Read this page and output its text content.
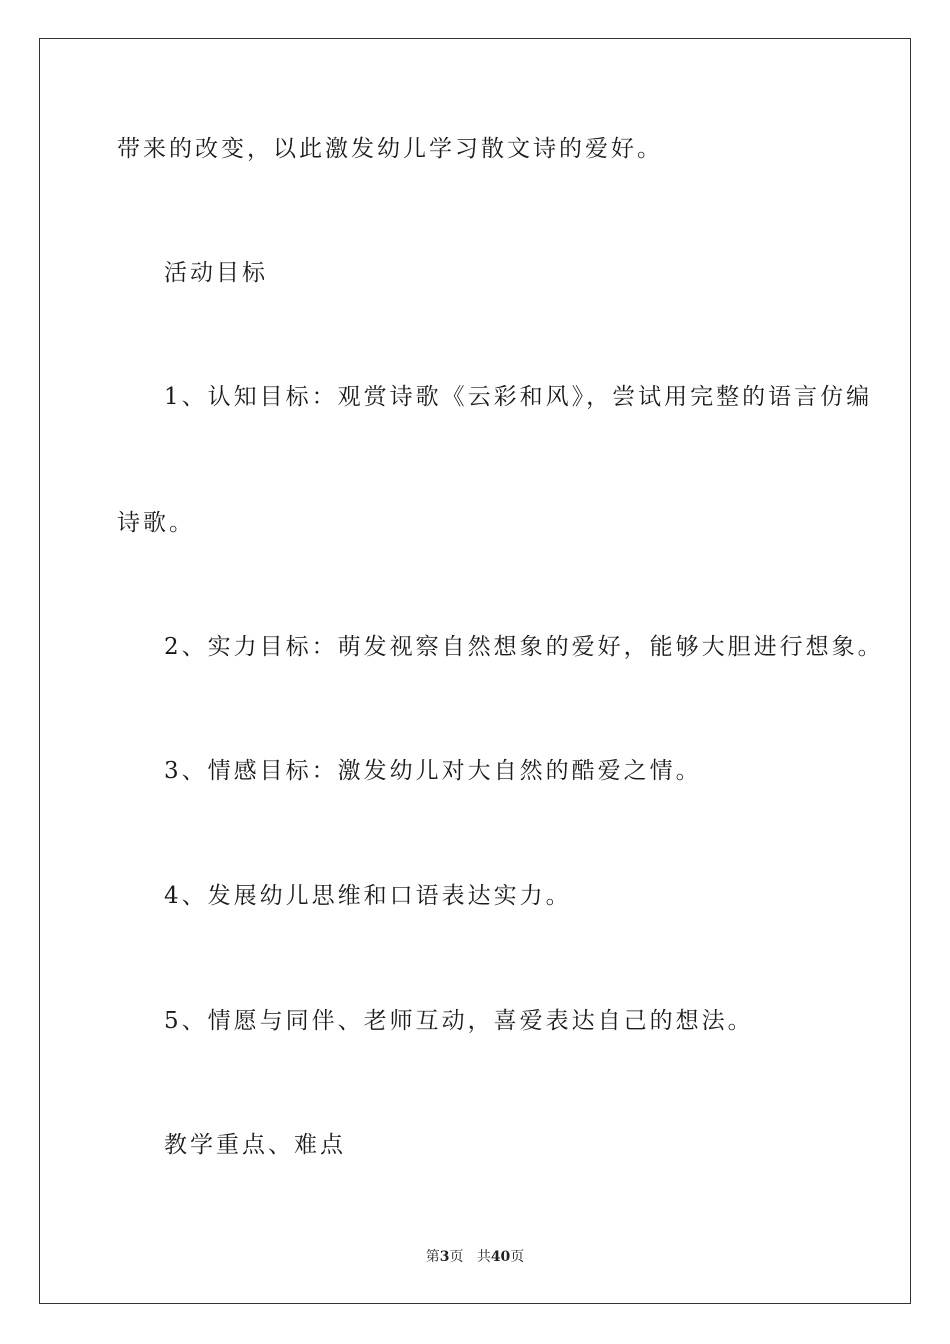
带来的改变，以此激发幼儿学习散文诗的爱好。
活动目标
1、认知目标：观赏诗歌《云彩和风》，尝试用完整的语言仿编
诗歌。
2、实力目标：萌发视察自然想象的爱好，能够大胆进行想象。
3、情感目标：激发幼儿对大自然的酷爱之情。
4、发展幼儿思维和口语表达实力。
5、情愿与同伴、老师互动，喜爱表达自己的想法。
教学重点、难点
第3页 共40页
